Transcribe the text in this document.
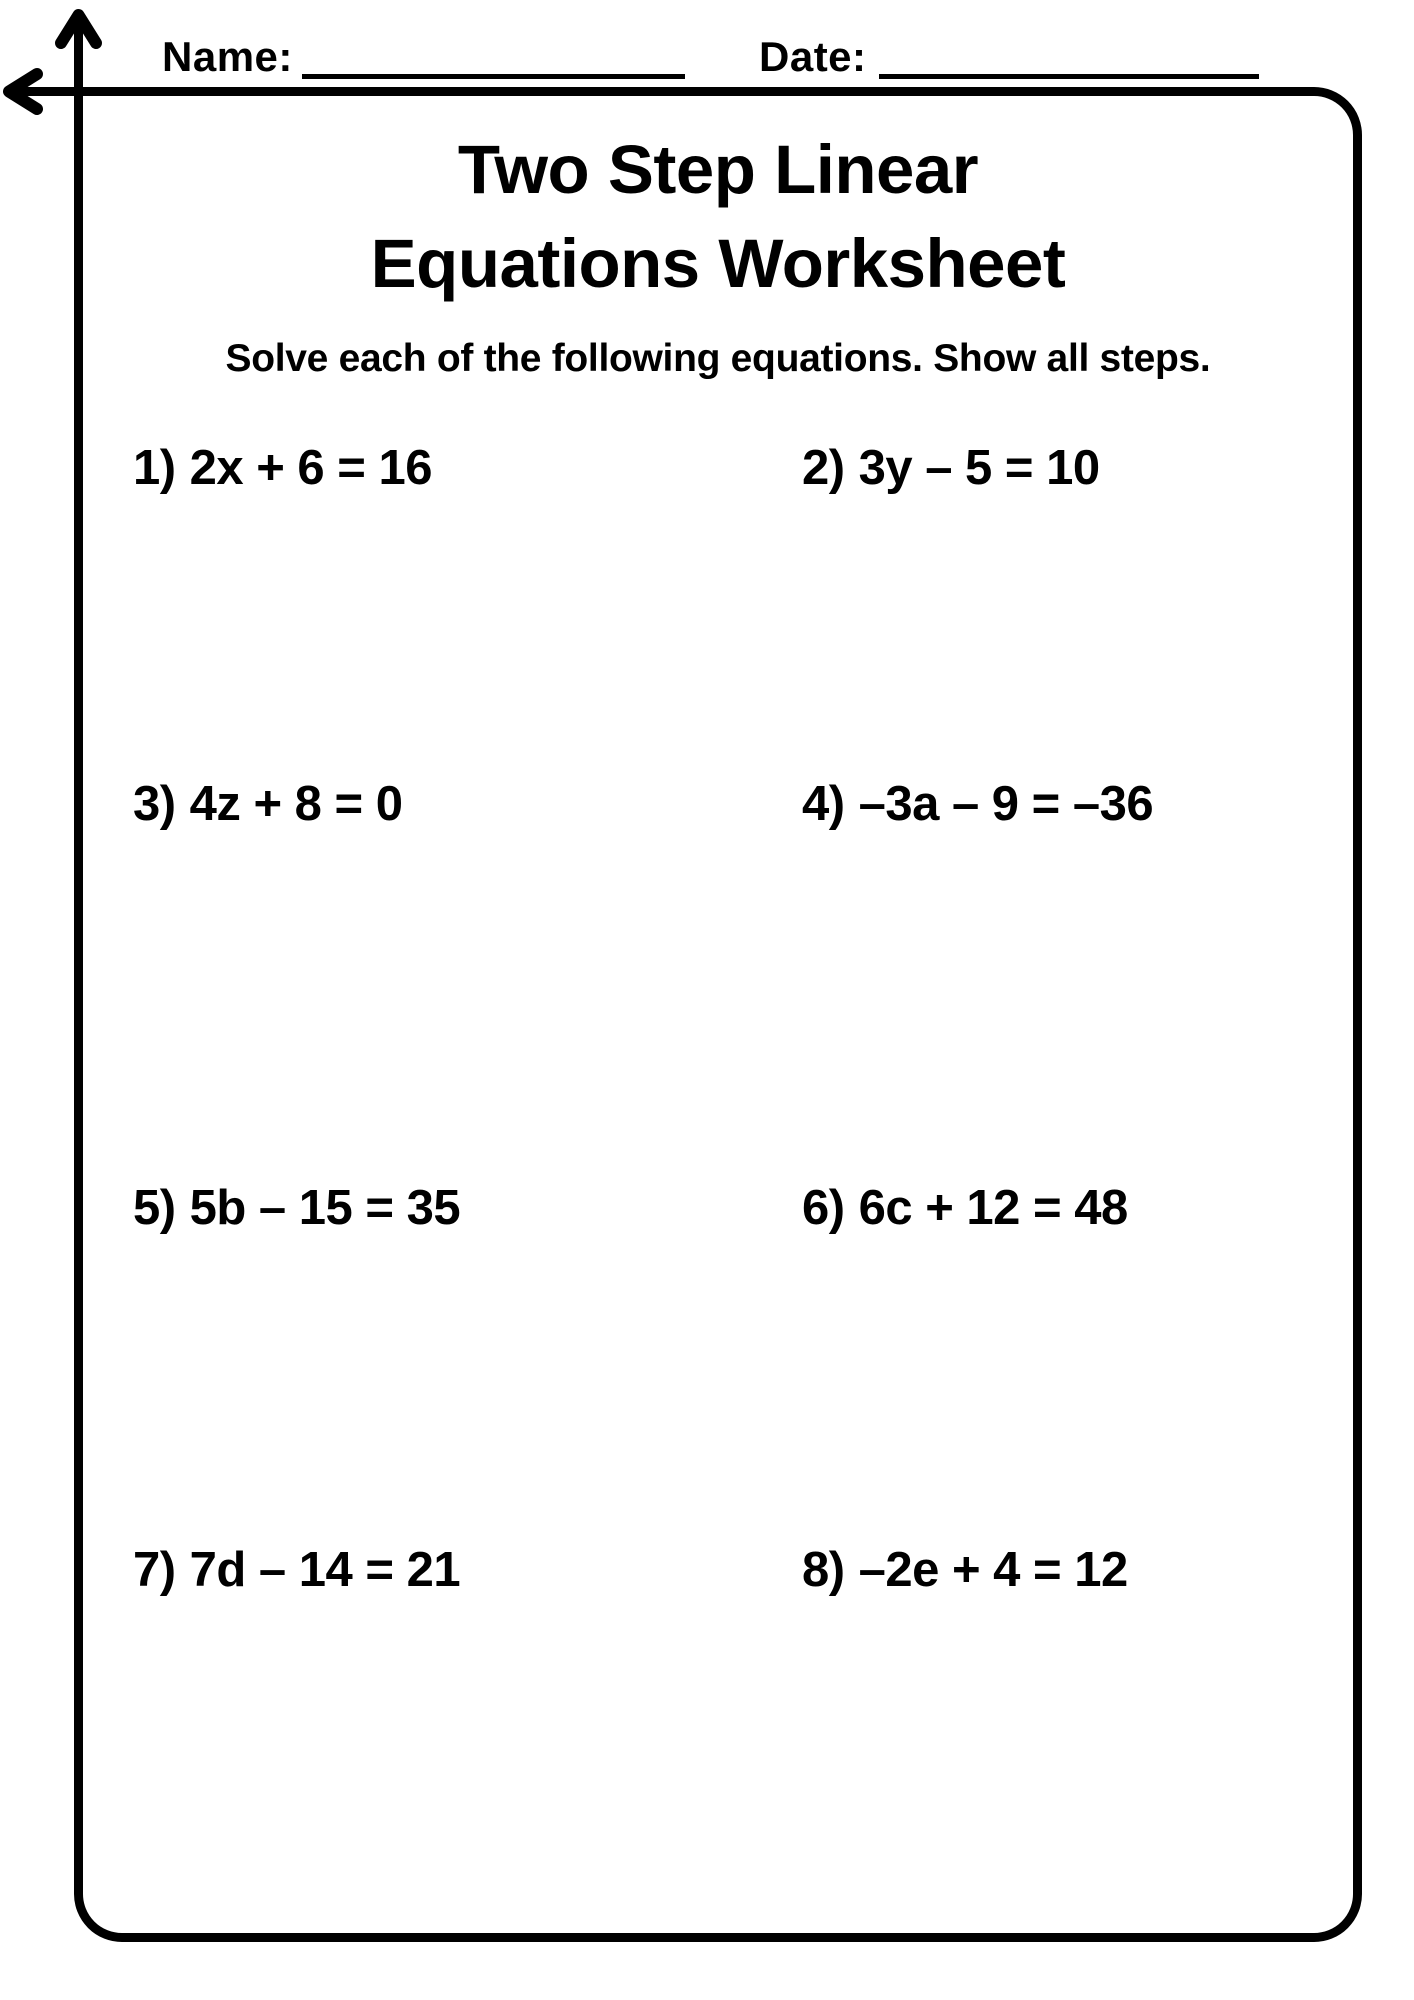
Name:	Date:
Two Step Linear
Equations Worksheet

Solve each of the following equations. Show all steps.

1) 2x + 6 = 16	2) 3y – 5 = 10
3) 4z + 8 = 0	4) –3a – 9 = –36
5) 5b – 15 = 35	6) 6c + 12 = 48
7) 7d – 14 = 21	8) –2e + 4 = 12
